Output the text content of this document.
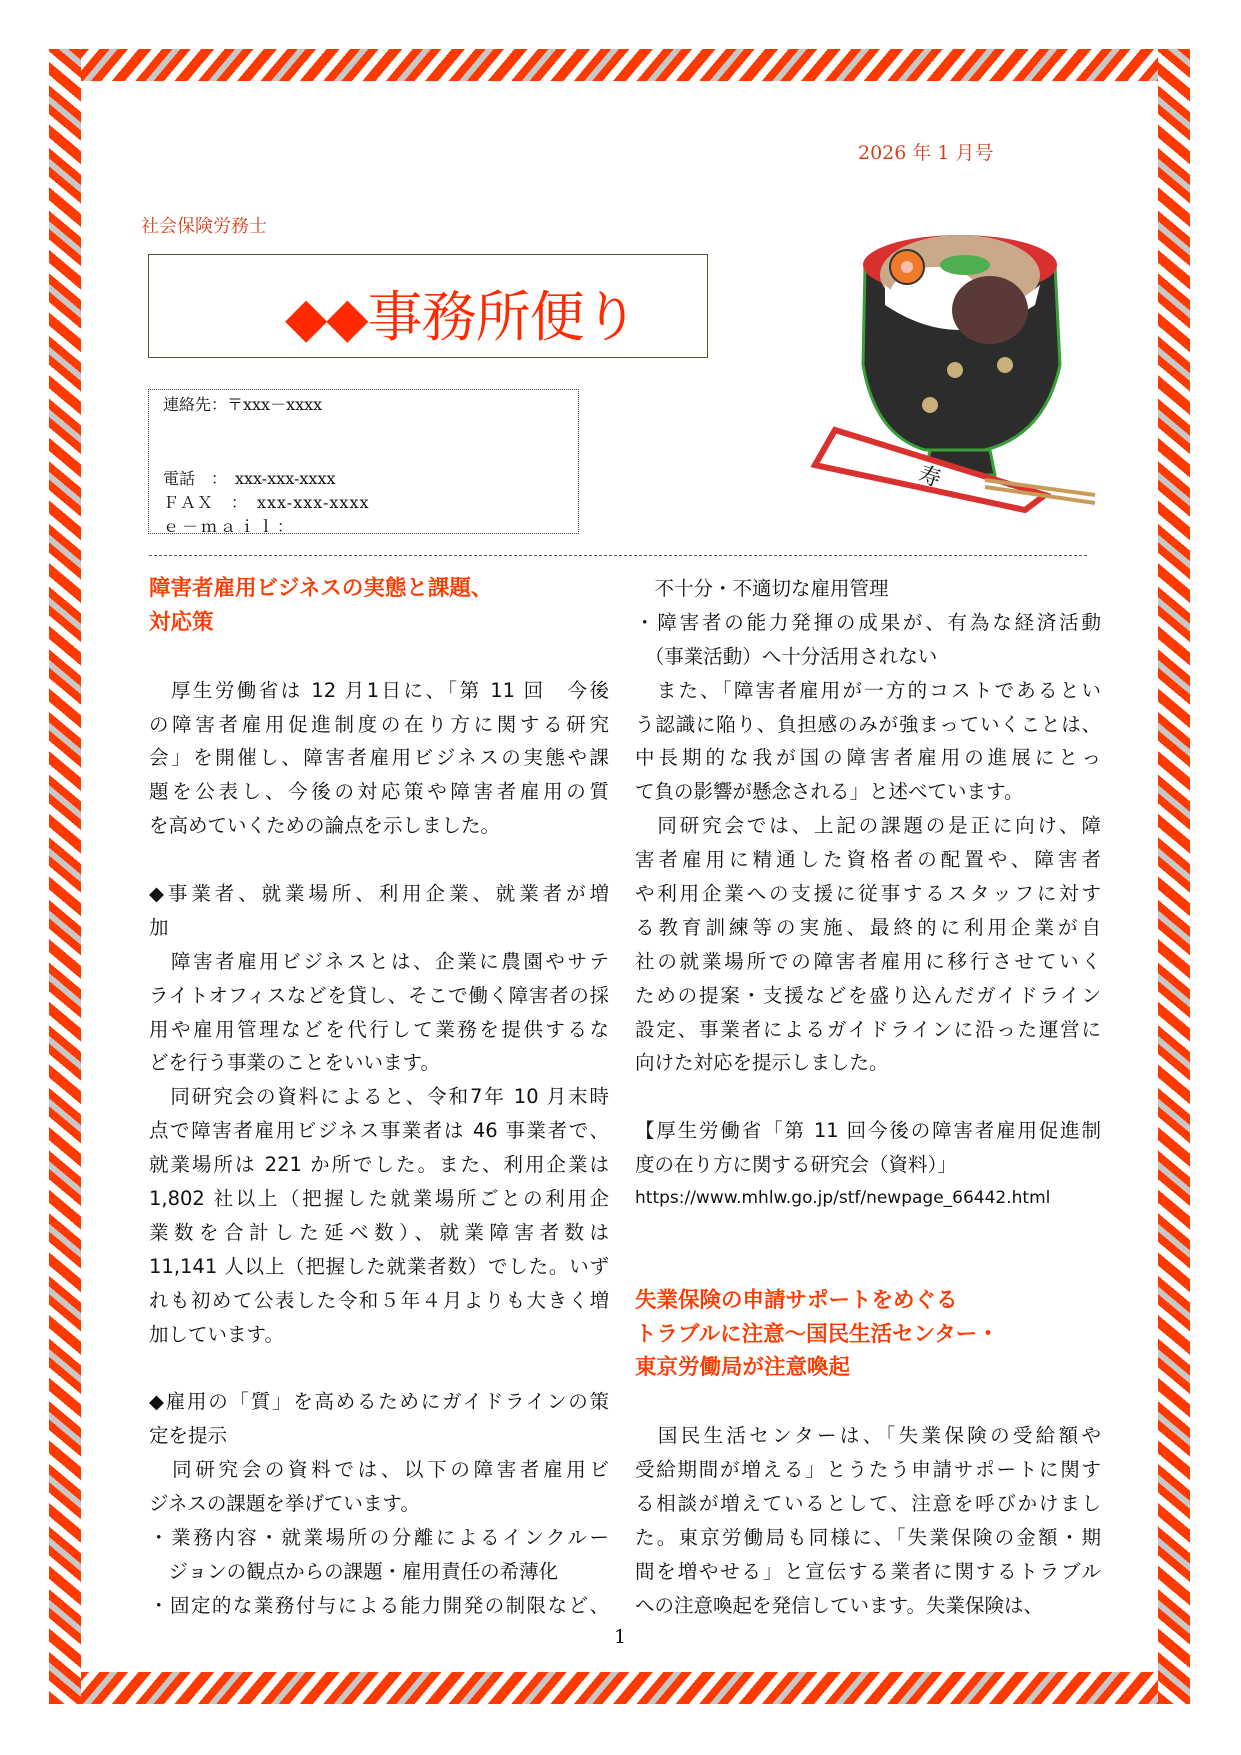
2026 年 1 月号
社会保険労務士
◆◆事務所便り
連絡先：〒xxx－xxxx
電話　：　xxx-xxx-xxxx
ＦＡＸ　：　xxx-xxx-xxxx
ｅ－ｍａｉｌ：
寿
障害者雇用ビジネスの実態と課題、
対応策
　厚生労働省は 12 月1日に、「第 11 回　今後
の障害者雇用促進制度の在り方に関する研究
会」を開催し、障害者雇用ビジネスの実態や課
題を公表し、今後の対応策や障害者雇用の質
を高めていくための論点を示しました。
◆事業者、就業場所、利用企業、就業者が増
加
　障害者雇用ビジネスとは、企業に農園やサテ
ライトオフィスなどを貸し、そこで働く障害者の採
用や雇用管理などを代行して業務を提供するな
どを行う事業のことをいいます。
　同研究会の資料によると、令和7年 10 月末時
点で障害者雇用ビジネス事業者は 46 事業者で、
就業場所は 221 か所でした。また、利用企業は
1,802 社以上（把握した就業場所ごとの利用企
業数を合計した延べ数）、就業障害者数は
11,141 人以上（把握した就業者数）でした。いず
れも初めて公表した令和５年４月よりも大きく増
加しています。
◆雇用の「質」を高めるためにガイドラインの策
定を提示
　同研究会の資料では、以下の障害者雇用ビ
ジネスの課題を挙げています。
・業務内容・就業場所の分離によるインクルー
　ジョンの観点からの課題・雇用責任の希薄化
・固定的な業務付与による能力開発の制限など、
　不十分・不適切な雇用管理
・障害者の能力発揮の成果が、有為な経済活動
　（事業活動）へ十分活用されない
　また、「障害者雇用が一方的コストであるとい
う認識に陥り、負担感のみが強まっていくことは、
中長期的な我が国の障害者雇用の進展にとっ
て負の影響が懸念される」と述べています。
　同研究会では、上記の課題の是正に向け、障
害者雇用に精通した資格者の配置や、障害者
や利用企業への支援に従事するスタッフに対す
る教育訓練等の実施、最終的に利用企業が自
社の就業場所での障害者雇用に移行させていく
ための提案・支援などを盛り込んだガイドライン
設定、事業者によるガイドラインに沿った運営に
向けた対応を提示しました。
【厚生労働省「第 11 回今後の障害者雇用促進制
度の在り方に関する研究会（資料）」
https://www.mhlw.go.jp/stf/newpage_66442.html
失業保険の申請サポートをめぐる
トラブルに注意～国民生活センター・
東京労働局が注意喚起
　国民生活センターは、「失業保険の受給額や
受給期間が増える」とうたう申請サポートに関す
る相談が増えているとして、注意を呼びかけまし
た。東京労働局も同様に、「失業保険の金額・期
間を増やせる」と宣伝する業者に関するトラブル
への注意喚起を発信しています。失業保険は、
1
